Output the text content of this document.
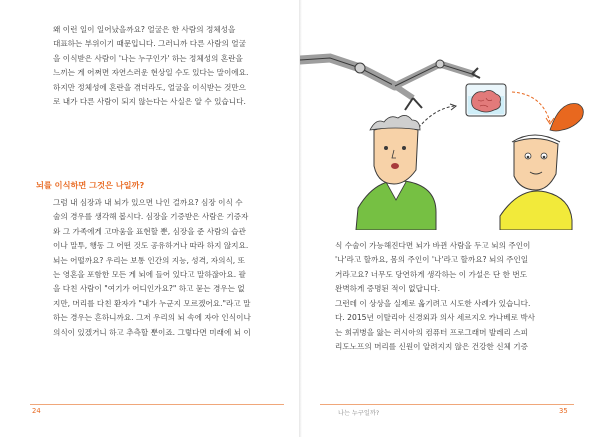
왜 이런 일이 일어났을까요? 얼굴은 한 사람의 정체성을

대표하는 부위이기 때문입니다. 그러니까 다른 사람의 얼굴

을 이식받은 사람이 '나는 누구인가' 하는 정체성의 혼란을

느끼는 게 어쩌면 자연스러운 현상일 수도 있다는 말이에요.

하지만 정체성에 혼란을 겪더라도, 얼굴을 이식받는 것만으

로 내가 다른 사람이 되지 않는다는 사실은 알 수 있습니다.

뇌를 이식하면 그것은 나일까?

그럼 내 심장과 내 뇌가 있으면 나인 걸까요? 심장 이식 수

술의 경우를 생각해 봅시다. 심장을 기증받은 사람은 기증자

와 그 가족에게 고마움을 표현할 뿐, 심장을 준 사람의 습관

이나 말투, 행동 그 어떤 것도 공유하거나 따라 하지 않지요.

뇌는 어떨까요? 우리는 보통 인간의 지능, 성격, 자의식, 또

는 영혼을 포함한 모든 게 뇌에 들어 있다고 말하잖아요. 팔

을 다친 사람이 "여기가 어디인가요?" 하고 묻는 경우는 없

지만, 머리를 다친 환자가 "내가 누군지 모르겠어요."라고 말

하는 경우는 흔하니까요. 그저 우리의 뇌 속에 자아 인식이나

의식이 있겠거니 하고 추측할 뿐이죠. 그렇다면 미래에 뇌 이

24

식 수술이 가능해진다면 뇌가 바뀐 사람을 두고 뇌의 주인이

'나'라고 할까요, 몸의 주인이 '나'라고 할까요? 뇌의 주인일

거라고요? 너무도 당연하게 생각하는 이 가설은 단 한 번도

완벽하게 증명된 적이 없답니다.

그런데 이 상상을 실제로 옮기려고 시도한 사례가 있습니다.

다. 2015년 이탈리아 신경외과 의사 세르지오 카나베로 박사

는 희귀병을 앓는 러시아의 컴퓨터 프로그래머 발레리 스피

리도노프의 머리를 신원이 알려지지 않은 건강한 신체 기증

나는 누구일까?	35
